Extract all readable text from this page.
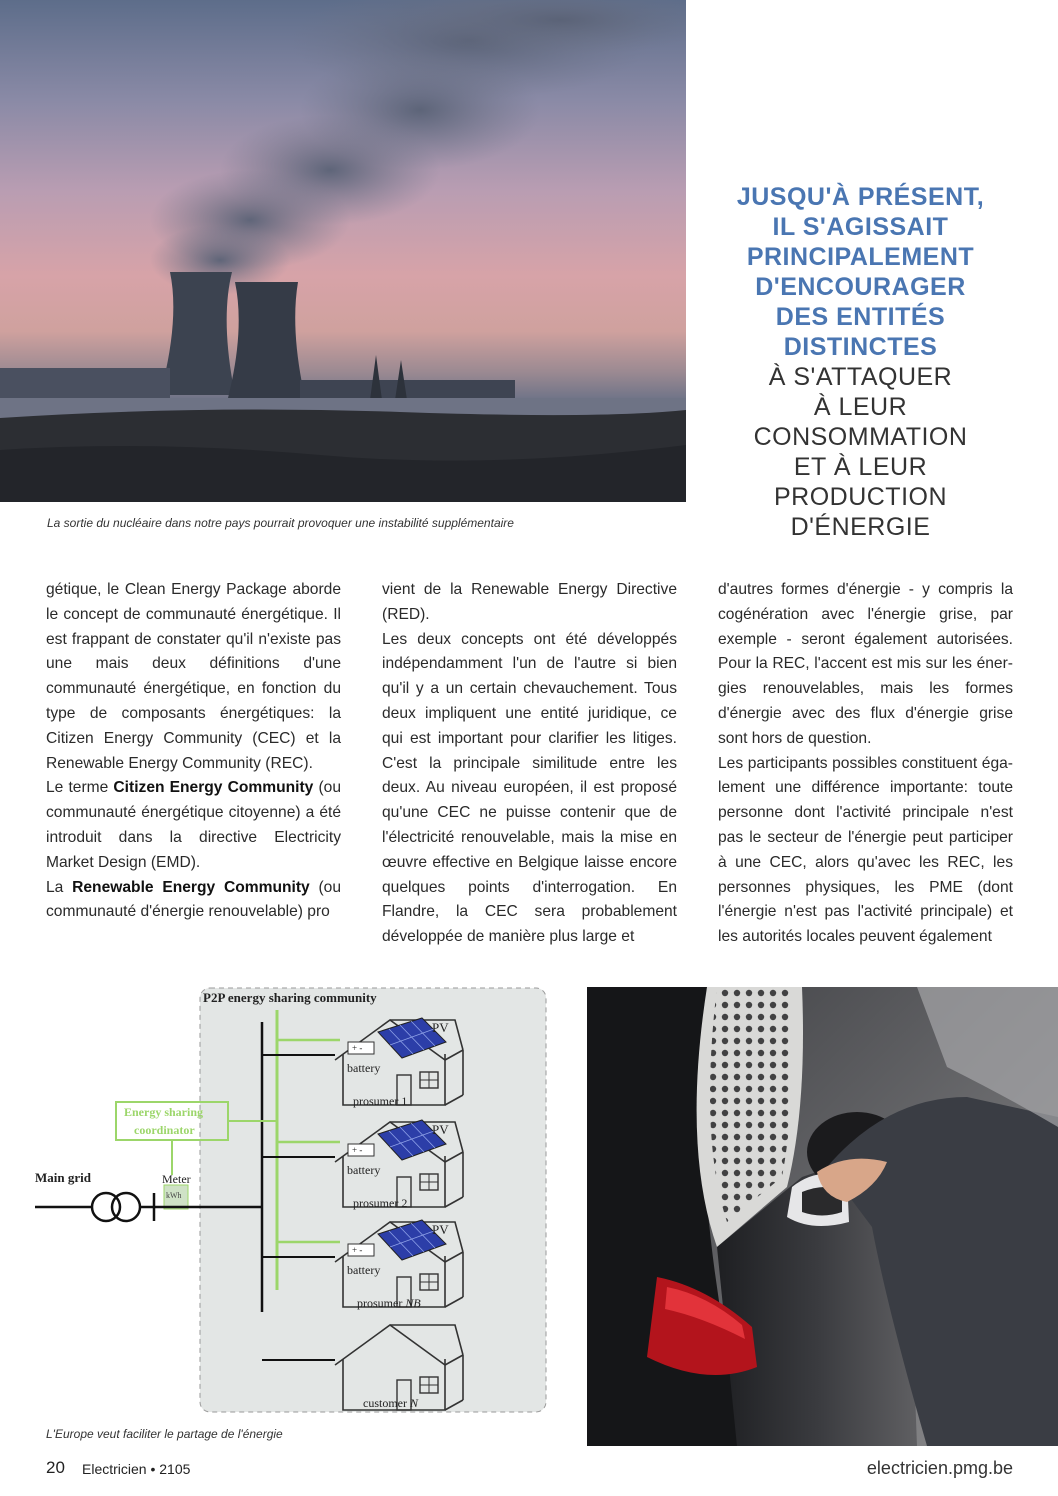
La sortie du nucléaire dans notre pays pourrait provoquer une instabilité supplémentaire
JUSQU'À PRÉSENT,
IL S'AGISSAIT
PRINCIPALEMENT
D'ENCOURAGER
DES ENTITÉS
DISTINCTES
À S'ATTAQUER
À LEUR
CONSOMMATION
ET À LEUR
PRODUCTION
D'ÉNERGIE

gétique, le Clean Energy Package aborde le concept de communauté énergétique. Il est frappant de constater qu'il n'existe pas une mais deux définitions d'une communauté énergétique, en fonction du type de composants énergétiques: la Citizen Energy Community (CEC) et la Renewable Energy Community (REC).

Le terme Citizen Energy Community (ou communauté énergétique citoyenne) a été introduit dans la directive Electricity Market Design (EMD).

La Renewable Energy Community (ou communauté d'énergie renouvelable) pro

vient de la Renewable Energy Directive (RED).

Les deux concepts ont été développés indépendamment l'un de l'autre si bien qu'il y a un certain chevauchement. Tous deux impliquent une entité juridique, ce qui est important pour clarifier les litiges. C'est la principale similitude entre les deux. Au niveau européen, il est proposé qu'une CEC ne puisse contenir que de l'électricité renouvelable, mais la mise en œuvre effective en Belgique laisse encore quelques points d'interrogation. En Flandre, la CEC sera probablement développée de manière plus large et

d'autres formes d'énergie - y compris la cogénération avec l'énergie grise, par exemple - seront également autorisées. Pour la REC, l'accent est mis sur les énergies renouvelables, mais les formes d'énergie avec des flux d'énergie grise sont hors de question.

Les participants possibles constituent également une différence importante: toute personne dont l'activité principale n'est pas le secteur de l'énergie peut participer à une CEC, alors qu'avec les REC, les personnes physiques, les PME (dont l'énergie n'est pas l'activité principale) et les autorités locales peuvent également

P2P energy sharing community
PV
PV
PV
+ -
battery
+ -
battery
+ -
battery
prosumer 1
prosumer 2
prosumer NB
customer N
Energy sharing
coordinator
Main grid	Meter
kWh
L'Europe veut faciliter le partage de l'énergie
20 Electricien • 2105	electricien.pmg.be
